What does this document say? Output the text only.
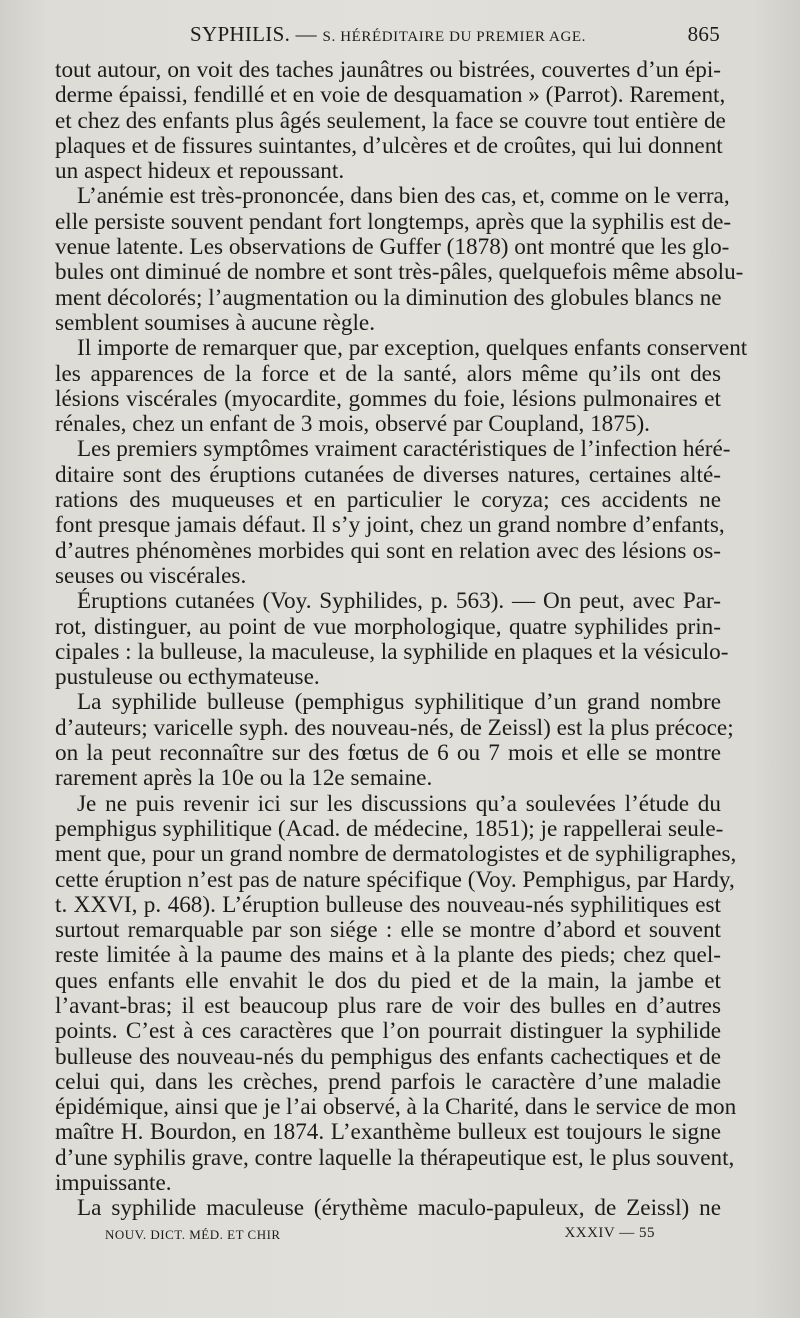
SYPHILIS. — S. HÉRÉDITAIRE DU PREMIER AGE.	865
tout autour, on voit des taches jaunâtres ou bistrées, couvertes d’un épi-
derme épaissi, fendillé et en voie de desquamation » (Parrot). Rarement,
et chez des enfants plus âgés seulement, la face se couvre tout entière de
plaques et de fissures suintantes, d’ulcères et de croûtes, qui lui donnent
un aspect hideux et repoussant.
L’anémie est très-prononcée, dans bien des cas, et, comme on le verra,
elle persiste souvent pendant fort longtemps, après que la syphilis est de-
venue latente. Les observations de Guffer (1878) ont montré que les glo-
bules ont diminué de nombre et sont très-pâles, quelquefois même absolu-
ment décolorés; l’augmentation ou la diminution des globules blancs ne
semblent soumises à aucune règle.
Il importe de remarquer que, par exception, quelques enfants conservent
les apparences de la force et de la santé, alors même qu’ils ont des
lésions viscérales (myocardite, gommes du foie, lésions pulmonaires et
rénales, chez un enfant de 3 mois, observé par Coupland, 1875).
Les premiers symptômes vraiment caractéristiques de l’infection héré-
ditaire sont des éruptions cutanées de diverses natures, certaines alté-
rations des muqueuses et en particulier le coryza; ces accidents ne
font presque jamais défaut. Il s’y joint, chez un grand nombre d’enfants,
d’autres phénomènes morbides qui sont en relation avec des lésions os-
seuses ou viscérales.
Éruptions cutanées (Voy. Syphilides, p. 563). — On peut, avec Par-
rot, distinguer, au point de vue morphologique, quatre syphilides prin-
cipales : la bulleuse, la maculeuse, la syphilide en plaques et la vésiculo-
pustuleuse ou ecthymateuse.
La syphilide bulleuse (pemphigus syphilitique d’un grand nombre
d’auteurs; varicelle syph. des nouveau-nés, de Zeissl) est la plus précoce;
on la peut reconnaître sur des fœtus de 6 ou 7 mois et elle se montre
rarement après la 10e ou la 12e semaine.
Je ne puis revenir ici sur les discussions qu’a soulevées l’étude du
pemphigus syphilitique (Acad. de médecine, 1851); je rappellerai seule-
ment que, pour un grand nombre de dermatologistes et de syphiligraphes,
cette éruption n’est pas de nature spécifique (Voy. Pemphigus, par Hardy,
t. XXVI, p. 468). L’éruption bulleuse des nouveau-nés syphilitiques est
surtout remarquable par son siége : elle se montre d’abord et souvent
reste limitée à la paume des mains et à la plante des pieds; chez quel-
ques enfants elle envahit le dos du pied et de la main, la jambe et
l’avant-bras; il est beaucoup plus rare de voir des bulles en d’autres
points. C’est à ces caractères que l’on pourrait distinguer la syphilide
bulleuse des nouveau-nés du pemphigus des enfants cachectiques et de
celui qui, dans les crèches, prend parfois le caractère d’une maladie
épidémique, ainsi que je l’ai observé, à la Charité, dans le service de mon
maître H. Bourdon, en 1874. L’exanthème bulleux est toujours le signe
d’une syphilis grave, contre laquelle la thérapeutique est, le plus souvent,
impuissante.
La syphilide maculeuse (érythème maculo-papuleux, de Zeissl) ne
NOUV. DICT. MÉD. ET CHIR	XXXIV — 55
